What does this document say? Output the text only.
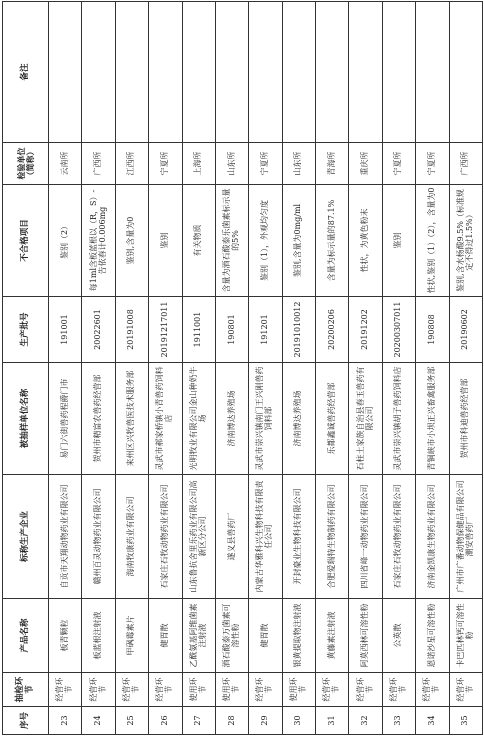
序号	抽检环节	产品名称	标称生产企业	被抽样单位名称	生产批号	不合格项目	检验单位
（简称）	备注
23	经营环节	板青颗粒	自贡市天翔动物药业有限公司	易门六街兽药程爵门市	191001	鉴别（2）	云南所	
24	经营环节	板蓝根注射液	赣州百灵动物药业有限公司	贺州市精富农兽药经营部	20022601	每1ml含板蓝根以（R，S）-告依春计0.006mg	广西所	
25	经营环节	甲砜霉素片	海南牧康药业有限公司	来州区兴牧兽医技术服务部	20191008	鉴别,含量为0	江西所	
26	经营环节	健胃散	石家庄石牧动物药业有限公司	灵武市郝家桥镇小青兽药饲料店	20191217011	鉴别	宁夏所	
27	使用环节	乙酰氨基阿维菌素注射液	山东鲁抗舍里乐药业有限公司高新区分公司	光明牧业有限公司金山种奶牛场	1911001	有关物质	上海所	
28	使用环节	酒石酸泰万菌素可溶性粉	遂义县兽药厂	济南博达养殖场	190801	含量为酒石酸泰乐菌素标示量的5%	山东所	
29	经营环节	健胃散	内蒙古华雅科兴生物科技有限责任公司	灵武市崇兴镇南门王兴刚兽药饲料部	191201	鉴别（1），外观均匀度	宁夏所	
30	使用环节	银黄提取物注射液	开封豪业生物科技有限公司	济南博达养殖场	20191010012	鉴别,含量为0mg/ml	山东所	
31	经营环节	黄藤素注射液	合肥爱瑞特生物制药有限公司	乐都鑫诚兽药经营部	20200206	含量为标示量的87.1%	青海所	
32	经营环节	阿莫西林可溶性粉	四川省峰一动物药业有限公司	石柱土家族自治县春玉兽药有限公司	20191202	性状，为黄色粉末	重庆所	
33	经营环节	公英散	石家庄石牧动物药业有限公司	灵武市崇兴镇胡子兽药饲料店	20200307011	鉴别	宁夏所	
34	经营环节	恩诺沙星可溶性粉	济南金凯康生物药业有限公司	青铜峡市小坝正兴畜禽服务部	190808	性状,鉴别（1）（2），含量为0	宁夏所	
35	经营环节	卡巴匹林钙可溶性粉	广州市广番动物保健品有限公司潮安兽药厂	贺州市科迪兽药经营部	20190602	鉴别,含水杨酸9.5%（标准规定不得过1.5%）	广西所	
